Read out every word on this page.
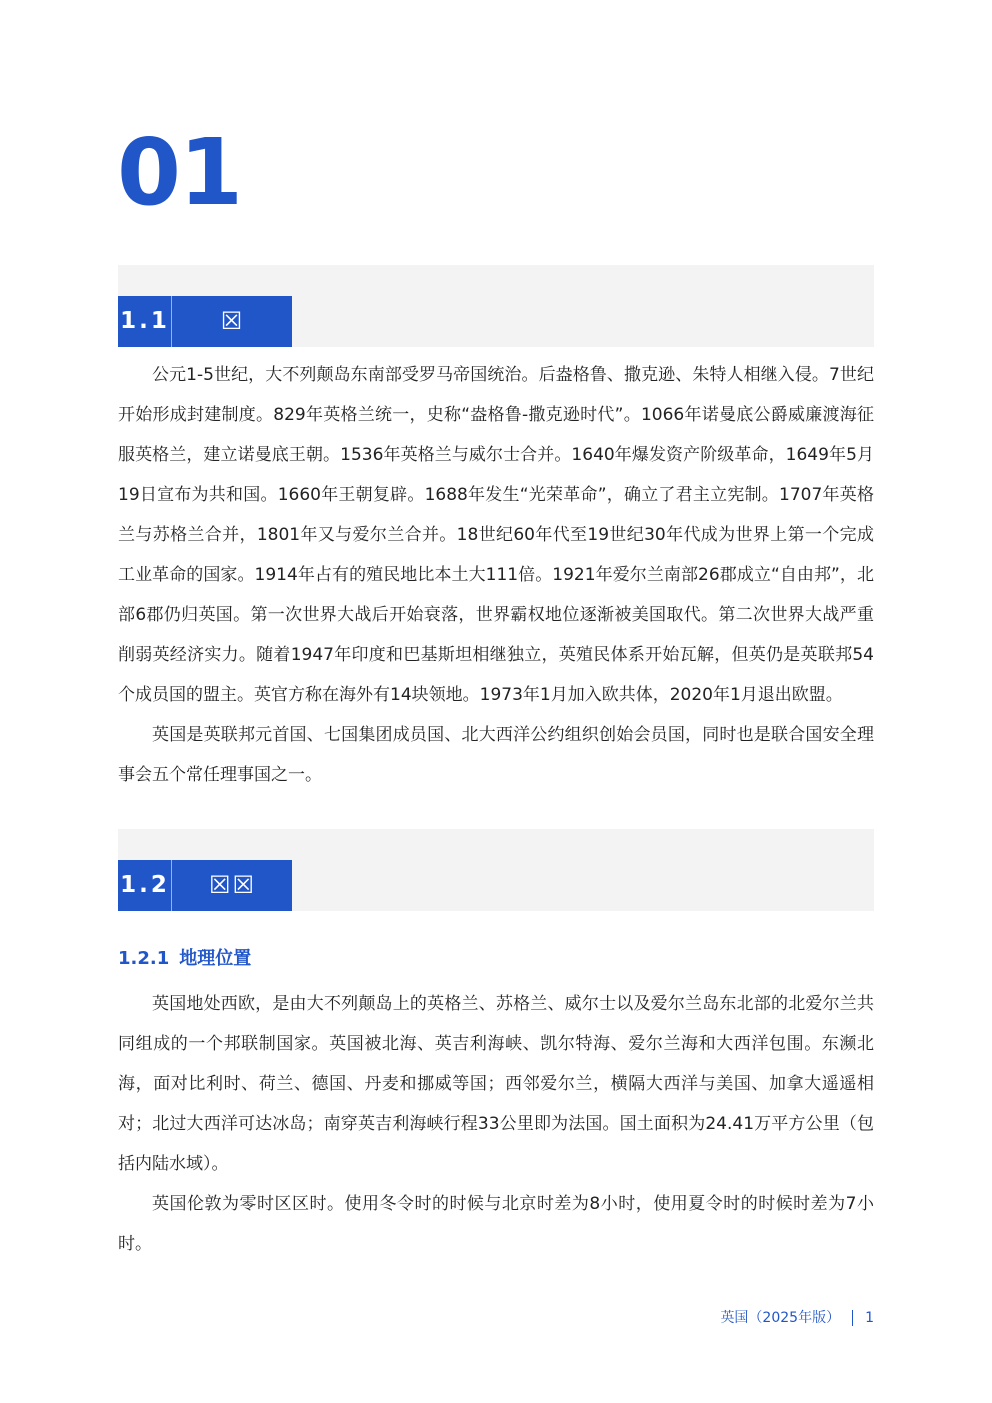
01
1.1	☒

公元1-5世纪，大不列颠岛东南部受罗马帝国统治。后盎格鲁、撒克逊、朱特人相继入侵。7世纪开始形成封建制度。829年英格兰统一，史称“盎格鲁-撒克逊时代”。1066年诺曼底公爵威廉渡海征服英格兰，建立诺曼底王朝。1536年英格兰与威尔士合并。1640年爆发资产阶级革命，1649年5月19日宣布为共和国。1660年王朝复辟。1688年发生“光荣革命”，确立了君主立宪制。1707年英格兰与苏格兰合并，1801年又与爱尔兰合并。18世纪60年代至19世纪30年代成为世界上第一个完成工业革命的国家。1914年占有的殖民地比本土大111倍。1921年爱尔兰南部26郡成立“自由邦”，北部6郡仍归英国。第一次世界大战后开始衰落，世界霸权地位逐渐被美国取代。第二次世界大战严重削弱英经济实力。随着1947年印度和巴基斯坦相继独立，英殖民体系开始瓦解，但英仍是英联邦54个成员国的盟主。英官方称在海外有14块领地。1973年1月加入欧共体，2020年1月退出欧盟。

英国是英联邦元首国、七国集团成员国、北大西洋公约组织创始会员国，同时也是联合国安全理事会五个常任理事国之一。

1.2	☒☒
1.2.1 地理位置

英国地处西欧，是由大不列颠岛上的英格兰、苏格兰、威尔士以及爱尔兰岛东北部的北爱尔兰共同组成的一个邦联制国家。英国被北海、英吉利海峡、凯尔特海、爱尔兰海和大西洋包围。东濒北海，面对比利时、荷兰、德国、丹麦和挪威等国；西邻爱尔兰，横隔大西洋与美国、加拿大遥遥相对；北过大西洋可达冰岛；南穿英吉利海峡行程33公里即为法国。国土面积为24.41万平方公里（包括内陆水域）。

英国伦敦为零时区区时。使用冬令时的时候与北京时差为8小时，使用夏令时的时候时差为7小时。

英国（2025年版） 1
